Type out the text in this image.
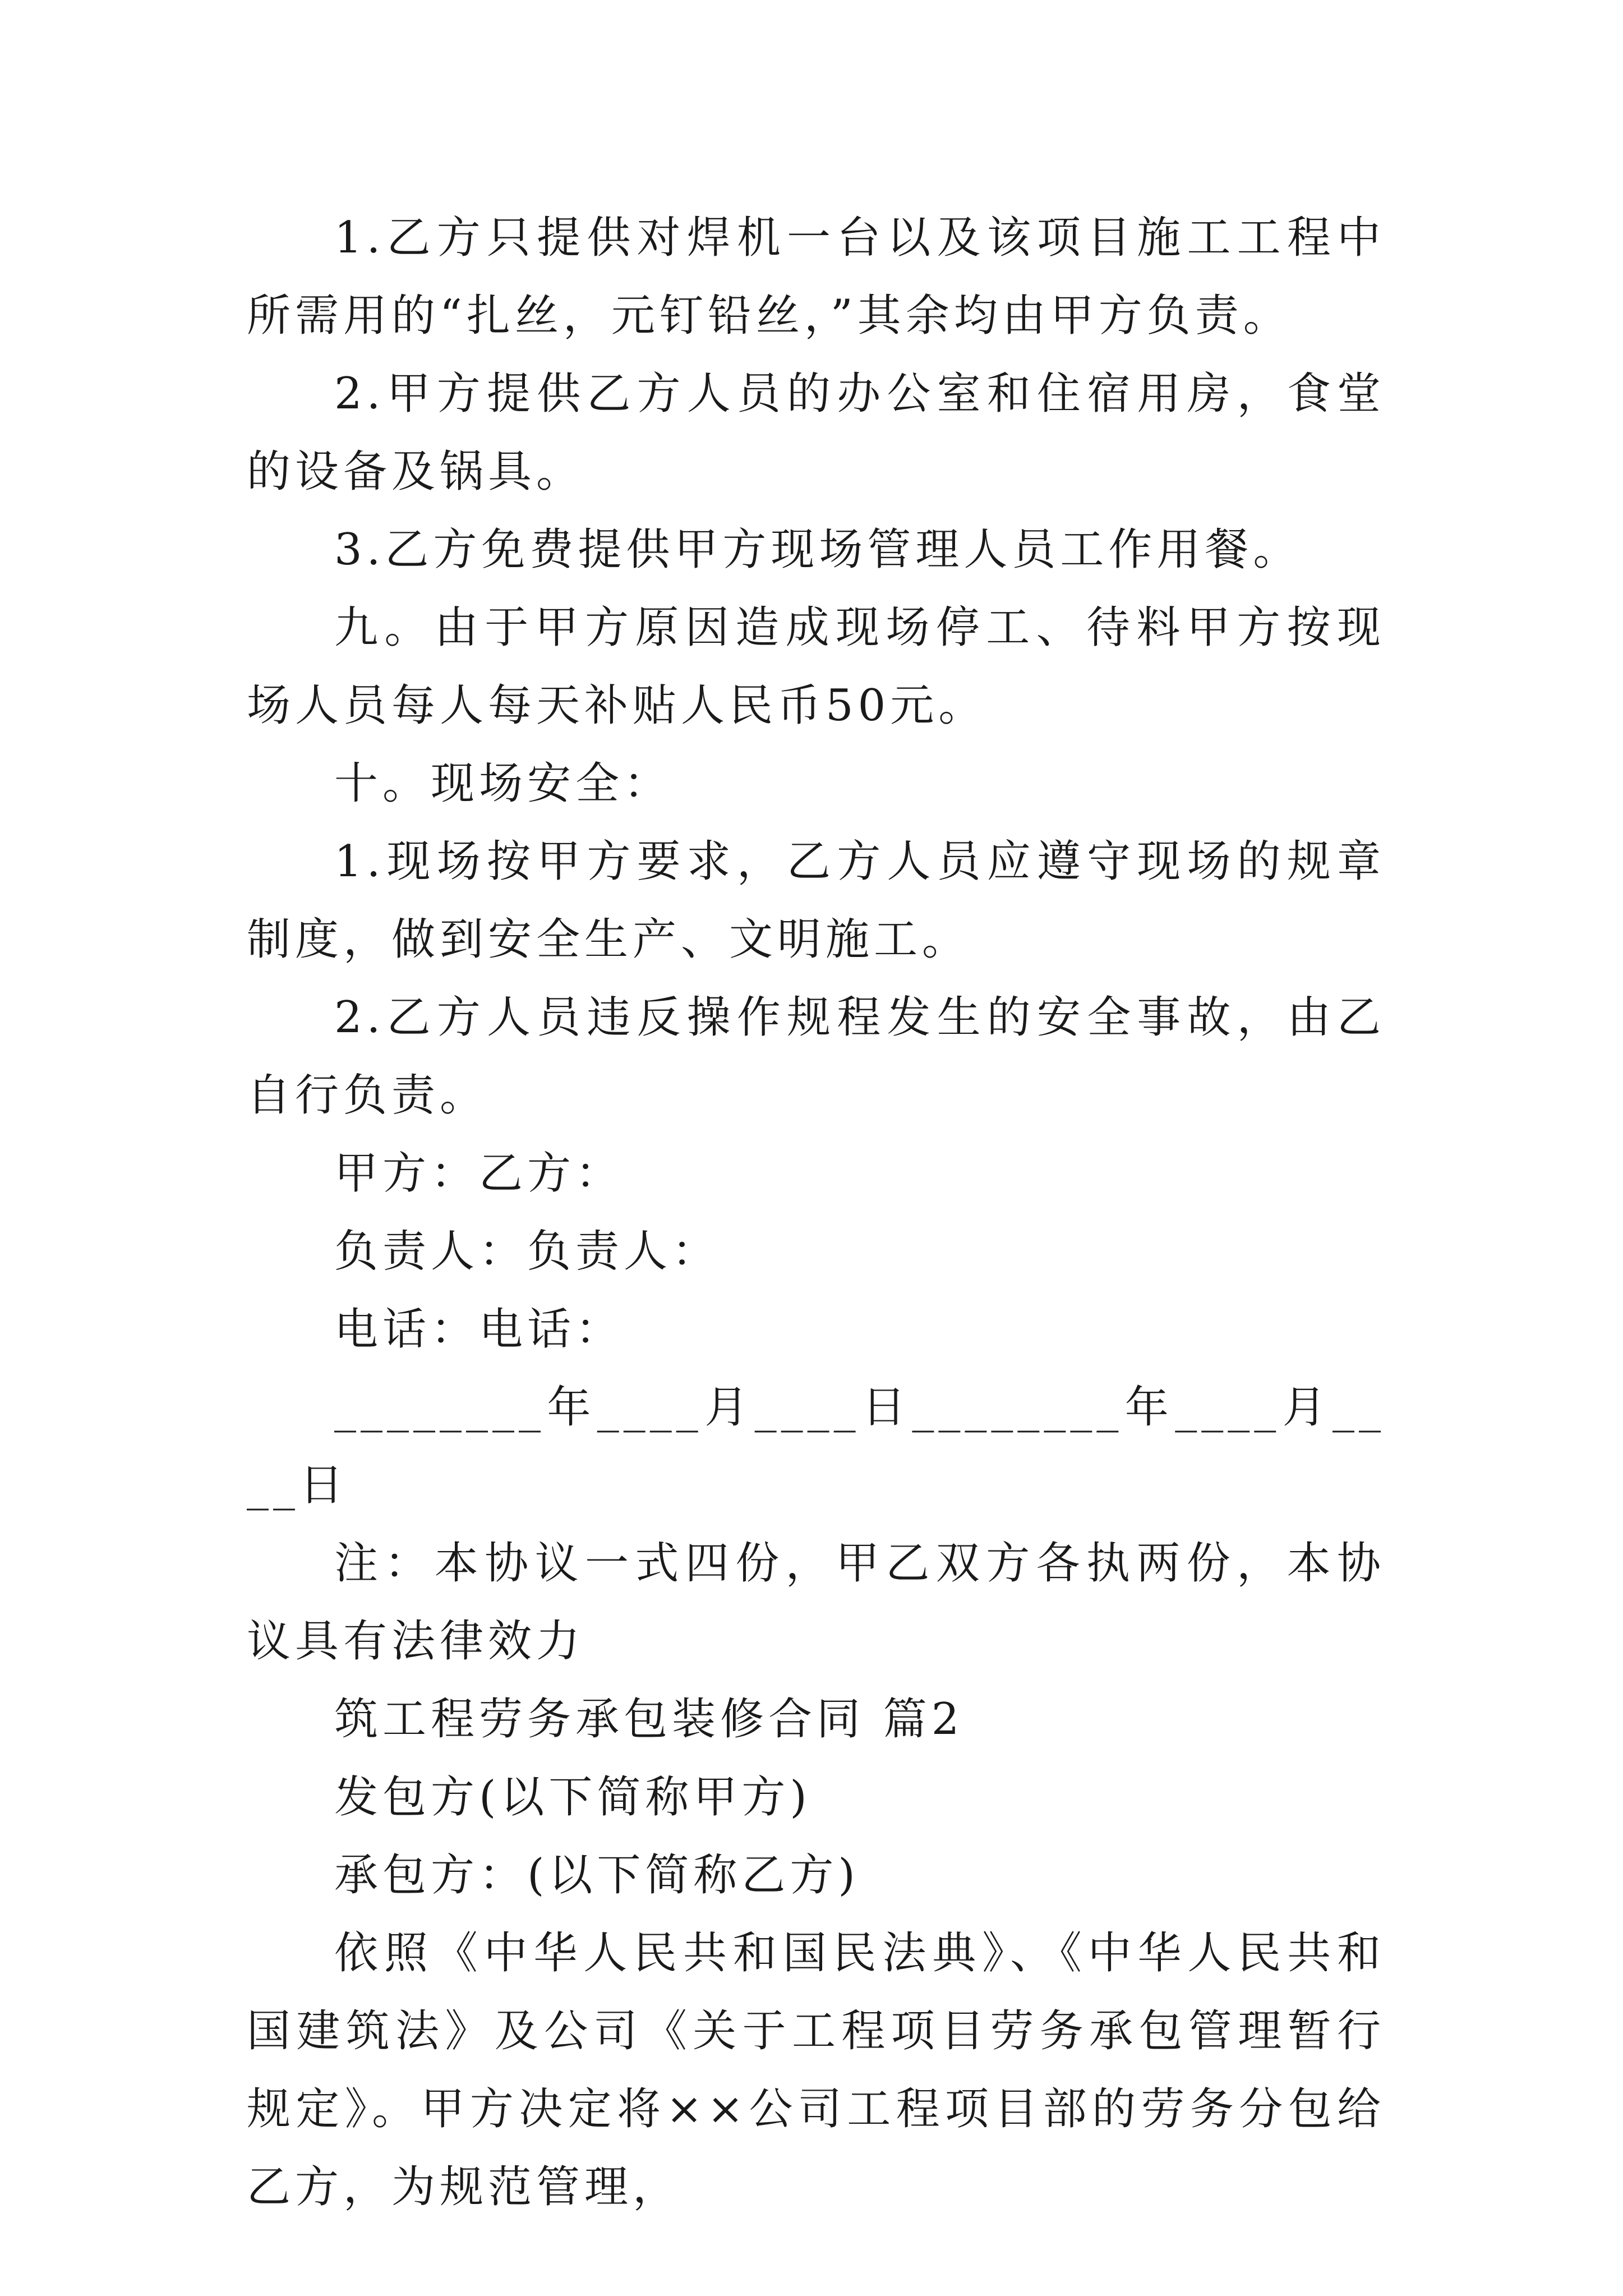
1.乙方只提供对焊机一台以及该项目施工工程中所需用的“扎丝，元钉铅丝，”其余均由甲方负责。

2.甲方提供乙方人员的办公室和住宿用房，食堂的设备及锅具。

3.乙方免费提供甲方现场管理人员工作用餐。

九。由于甲方原因造成现场停工、待料甲方按现场人员每人每天补贴人民币50元。

十。现场安全：

1.现场按甲方要求，乙方人员应遵守现场的规章制度，做到安全生产、文明施工。

2.乙方人员违反操作规程发生的安全事故，由乙自行负责。

甲方：乙方：

负责人：负责人：

电话：电话：

________年____月____日________年____月____日

注：本协议一式四份，甲乙双方各执两份，本协议具有法律效力

筑工程劳务承包装修合同 篇2

发包方(以下简称甲方)

承包方：(以下简称乙方)

依照《中华人民共和国民法典》、《中华人民共和国建筑法》及公司《关于工程项目劳务承包管理暂行规定》。甲方决定将××公司工程项目部的劳务分包给乙方，为规范管理，
